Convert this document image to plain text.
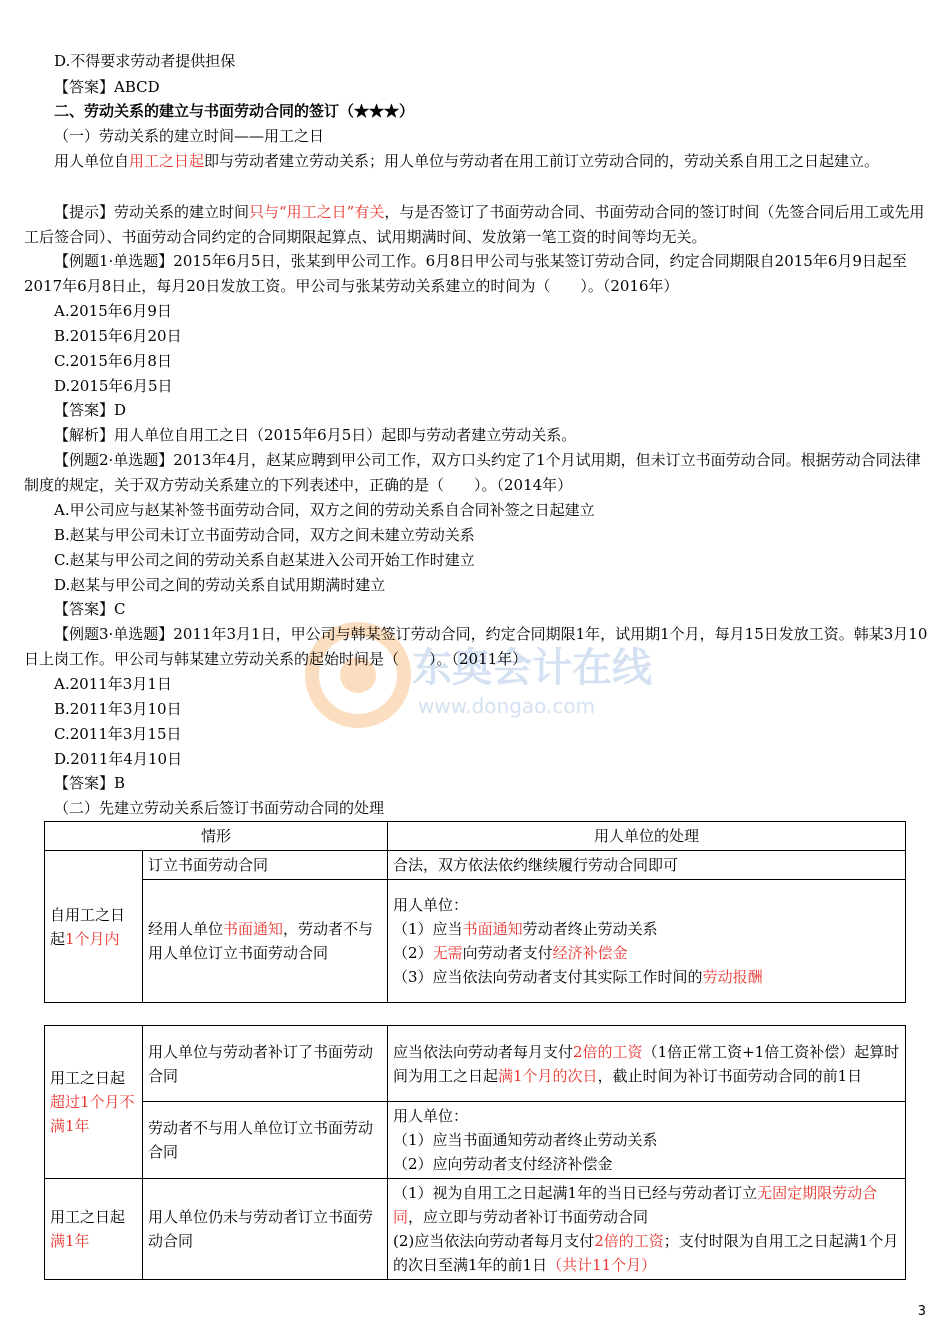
东奥会计在线
www.dongao.com
D.不得要求劳动者提供担保
【答案】ABCD
二、劳动关系的建立与书面劳动合同的签订（★★★）
（一）劳动关系的建立时间——用工之日
用人单位自用工之日起即与劳动者建立劳动关系；用人单位与劳动者在用工前订立劳动合同的，劳动关系自用工之日起建立。
【提示】劳动关系的建立时间只与“用工之日”有关，与是否签订了书面劳动合同、书面劳动合同的签订时间（先签合同后用工或先用工后签合同）、书面劳动合同约定的合同期限起算点、试用期满时间、发放第一笔工资的时间等均无关。
【例题1·单选题】2015年6月5日，张某到甲公司工作。6月8日甲公司与张某签订劳动合同，约定合同期限自2015年6月9日起至2017年6月8日止，每月20日发放工资。甲公司与张某劳动关系建立的时间为（　　）。（2016年）
A.2015年6月9日
B.2015年6月20日
C.2015年6月8日
D.2015年6月5日
【答案】D
【解析】用人单位自用工之日（2015年6月5日）起即与劳动者建立劳动关系。
【例题2·单选题】2013年4月，赵某应聘到甲公司工作，双方口头约定了1个月试用期，但未订立书面劳动合同。根据劳动合同法律制度的规定，关于双方劳动关系建立的下列表述中，正确的是（　　）。（2014年）
A.甲公司应与赵某补签书面劳动合同，双方之间的劳动关系自合同补签之日起建立
B.赵某与甲公司未订立书面劳动合同，双方之间未建立劳动关系
C.赵某与甲公司之间的劳动关系自赵某进入公司开始工作时建立
D.赵某与甲公司之间的劳动关系自试用期满时建立
【答案】C
【例题3·单选题】2011年3月1日，甲公司与韩某签订劳动合同，约定合同期限1年，试用期1个月，每月15日发放工资。韩某3月10日上岗工作。甲公司与韩某建立劳动关系的起始时间是（　　）。（2011年）
A.2011年3月1日
B.2011年3月10日
C.2011年3月15日
D.2011年4月10日
【答案】B
（二）先建立劳动关系后签订书面劳动合同的处理
情形		用人单位的处理
自用工之日起1个月内	订立书面劳动合同	合法，双方依法依约继续履行劳动合同即可
	经用人单位书面通知，劳动者不与用人单位订立书面劳动合同	用人单位：
（1）应当书面通知劳动者终止劳动关系
（2）无需向劳动者支付经济补偿金
（3）应当依法向劳动者支付其实际工作时间的劳动报酬
用工之日起超过1个月不满1年	用人单位与劳动者补订了书面劳动合同	应当依法向劳动者每月支付2倍的工资（1倍正常工资+1倍工资补偿）起算时间为用工之日起满1个月的次日，截止时间为补订书面劳动合同的前1日
	劳动者不与用人单位订立书面劳动合同	用人单位：
（1）应当书面通知劳动者终止劳动关系
（2）应向劳动者支付经济补偿金

用工之日起满1年	用人单位仍未与劳动者订立书面劳动合同	（1）视为自用工之日起满1年的当日已经与劳动者订立无固定期限劳动合同，应立即与劳动者补订书面劳动合同
(2)应当依法向劳动者每月支付2倍的工资；支付时限为自用工之日起满1个月的次日至满1年的前1日（共计11个月）
3
